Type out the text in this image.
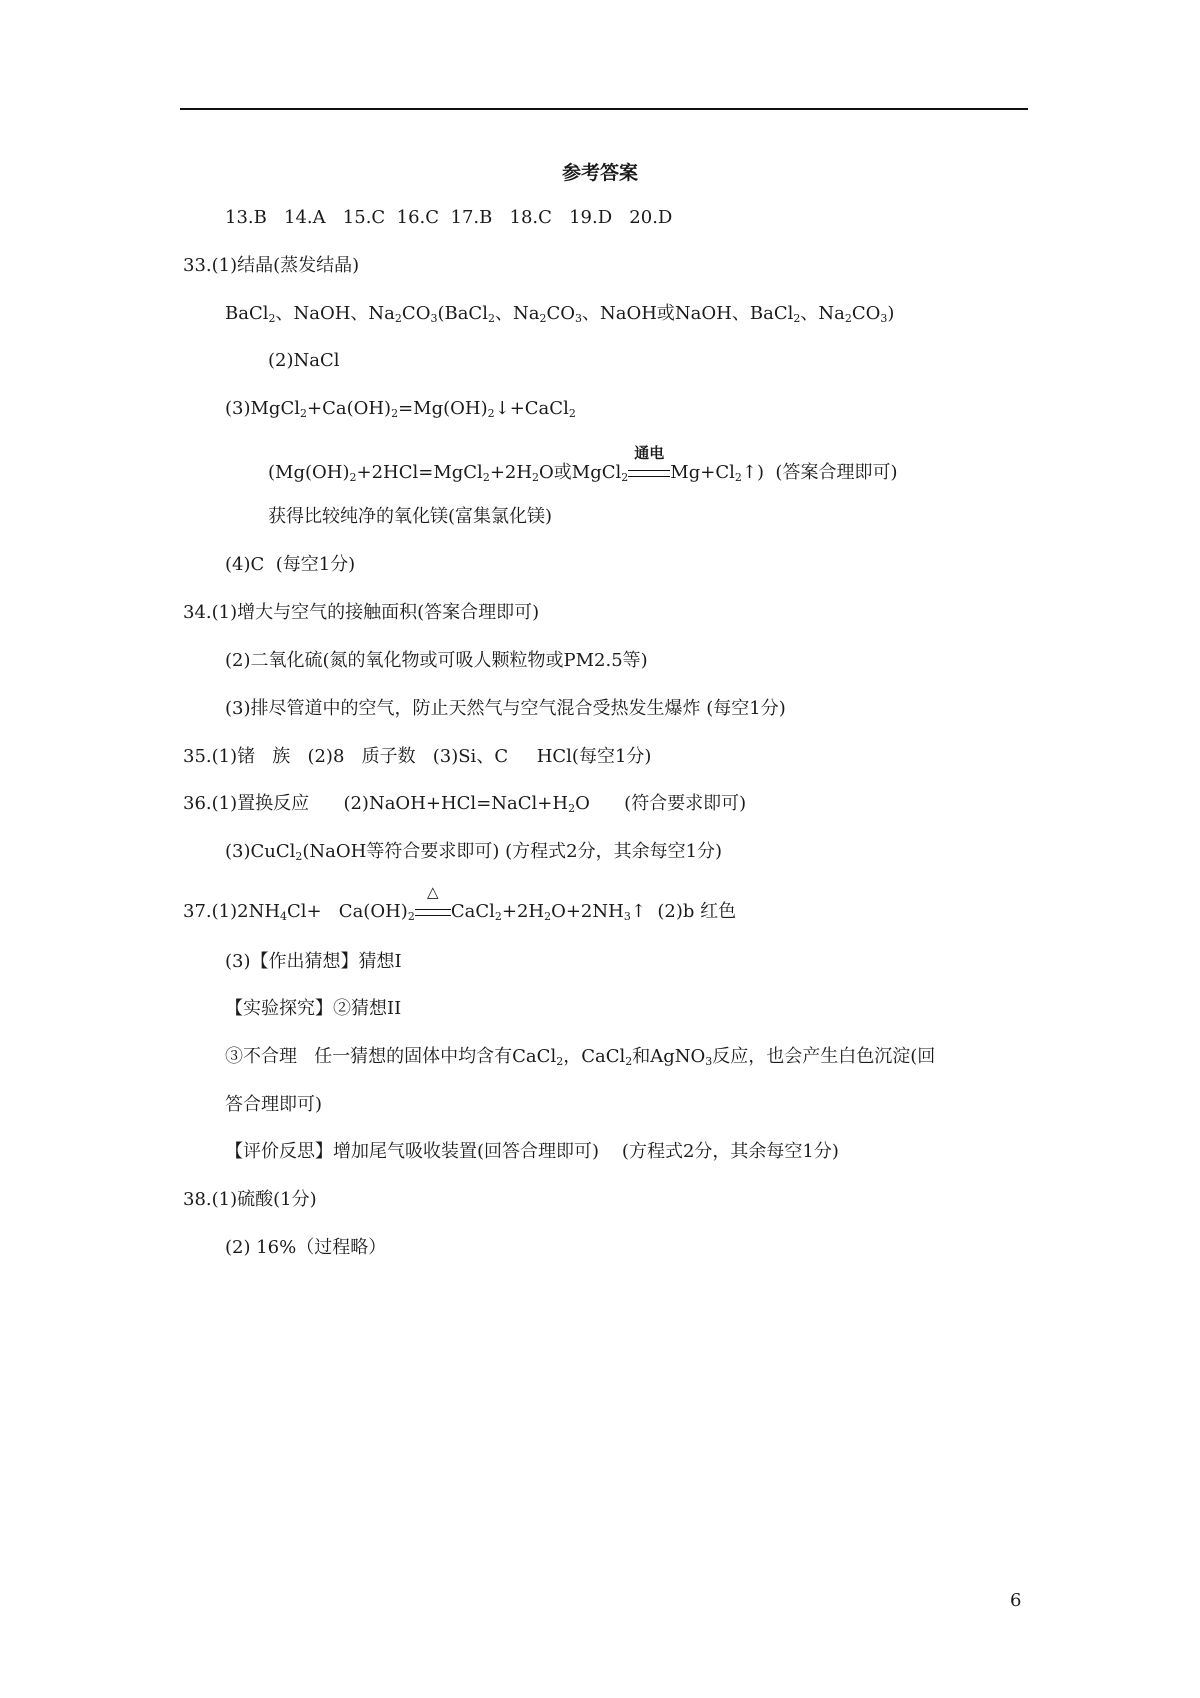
参考答案
13.B   14.A   15.C  16.C  17.B   18.C   19.D   20.D
33.(1)结晶(蒸发结晶)
BaCl$_2$、NaOH、$Na_2CO_3(BaCl_2$、$Na_2CO_3$、NaOH或NaOH、BaCl$_2$、$Na_2CO_3$)
(2)NaCl
$(3)MgCl_2+Ca(OH)_2=Mg(OH)_2↓+CaCl_2$
($Mg(OH)_2+2HCl=MgCl_2+2H_2O$或MgCl$_2$
通电
$Mg+Cl_2↑$)  (答案合理即可)
获得比较纯净的氧化镁(富集氯化镁)
(4)C  (每空1分)
34.(1)增大与空气的接触面积(答案合理即可)
(2)二氧化硫(氮的氧化物或可吸人颗粒物或PM2.5等)
(3)排尽管道中的空气，防止天然气与空气混合受热发生爆炸 (每空1分)
35.(1)锗   族   (2)8   质子数   (3)Si、C     HCl(每空1分)
36.(1)置换反应      $(2)NaOH+HCl=NaCl+H_2O$      (符合要求即可)
(3)CuCl$_2$(NaOH等符合要求即可) (方程式2分，其余每空1分)
$37.(1)2NH_4Cl+ Ca(OH)_2$
△
$CaCl_2+2H_2O+2NH_3↑$  (2)b 红色
(3)【作出猜想】猜想I
【实验探究】②猜想II
③不合理   任一猜想的固体中均含有CaCl$_2$，CaCl$_2$和AgNO$_3$反应，也会产生白色沉淀(回
答合理即可)
【评价反思】增加尾气吸收装置(回答合理即可)    (方程式2分，其余每空1分)
38.(1)硫酸(1分)
(2) 16%（过程略）
6
